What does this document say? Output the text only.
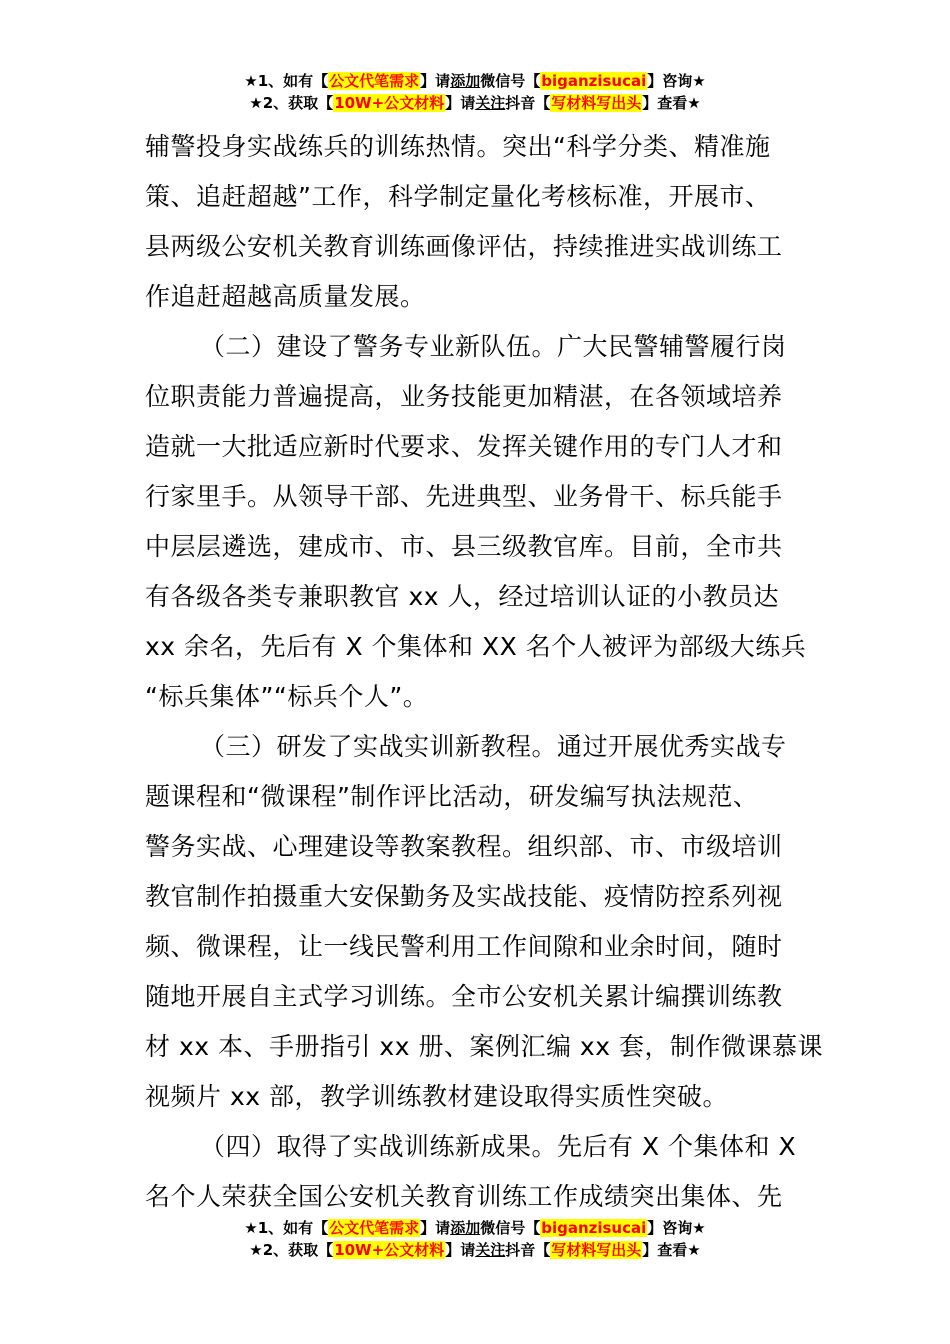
★1、如有【公文代笔需求】请添加微信号【biganzisucai】咨询★
★2、获取【10W+公文材料】请关注抖音【写材料写出头】查看★
辅警投身实战练兵的训练热情。突出“科学分类、精准施
策、追赶超越”工作，科学制定量化考核标准，开展市、
县两级公安机关教育训练画像评估，持续推进实战训练工
作追赶超越高质量发展。
（二）建设了警务专业新队伍。广大民警辅警履行岗
位职责能力普遍提高，业务技能更加精湛，在各领域培养
造就一大批适应新时代要求、发挥关键作用的专门人才和
行家里手。从领导干部、先进典型、业务骨干、标兵能手
中层层遴选，建成市、市、县三级教官库。目前，全市共
有各级各类专兼职教官 xx 人，经过培训认证的小教员达
xx 余名，先后有 X 个集体和 XX 名个人被评为部级大练兵
“标兵集体”“标兵个人”。
（三）研发了实战实训新教程。通过开展优秀实战专
题课程和“微课程”制作评比活动，研发编写执法规范、
警务实战、心理建设等教案教程。组织部、市、市级培训
教官制作拍摄重大安保勤务及实战技能、疫情防控系列视
频、微课程，让一线民警利用工作间隙和业余时间，随时
随地开展自主式学习训练。全市公安机关累计编撰训练教
材 xx 本、手册指引 xx 册、案例汇编 xx 套，制作微课慕课
视频片 xx 部，教学训练教材建设取得实质性突破。
（四）取得了实战训练新成果。先后有 X 个集体和 X
名个人荣获全国公安机关教育训练工作成绩突出集体、先
★1、如有【公文代笔需求】请添加微信号【biganzisucai】咨询★
★2、获取【10W+公文材料】请关注抖音【写材料写出头】查看★
